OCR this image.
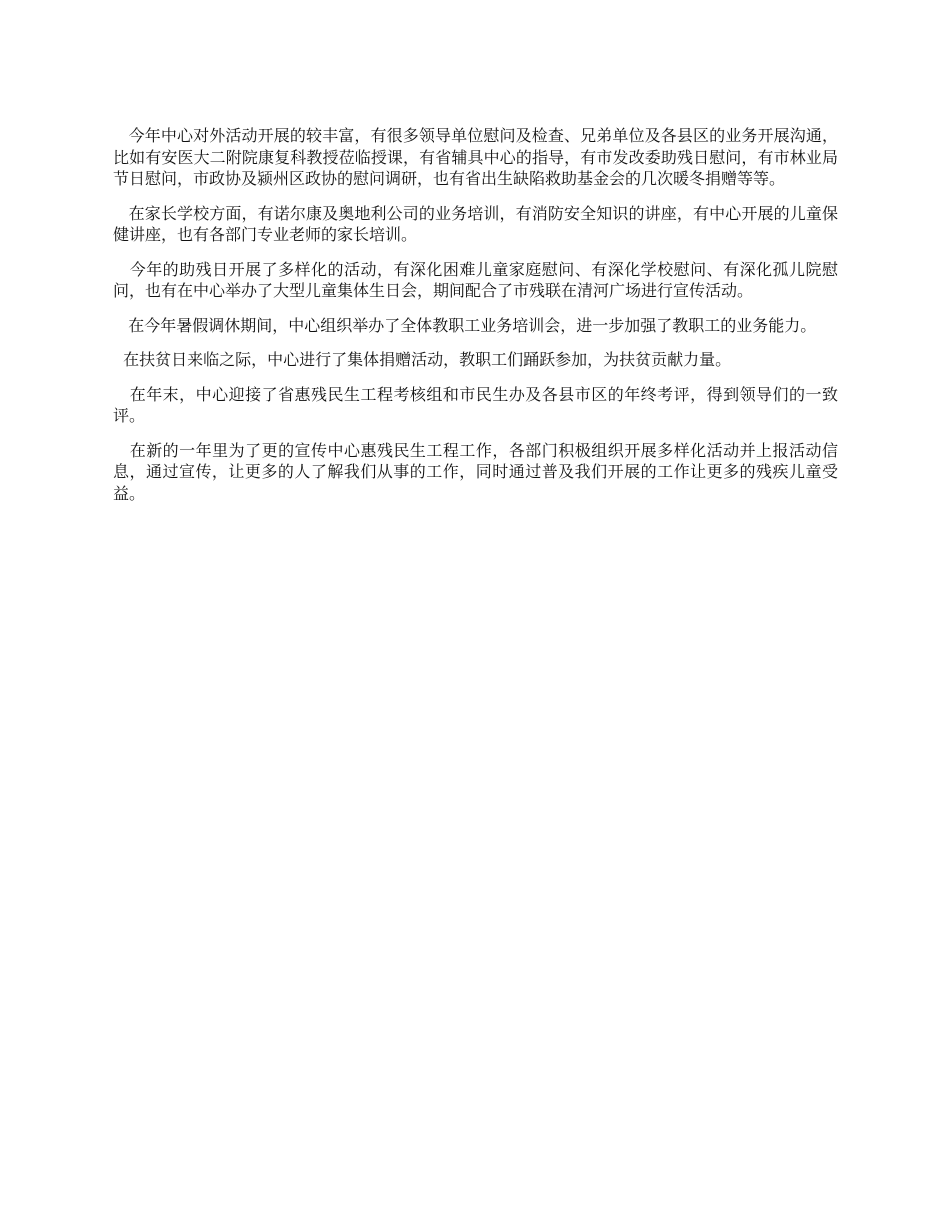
今年中心对外活动开展的较丰富，有很多领导单位慰问及检查、兄弟单位及各县区的业务开展沟通，比如有安医大二附院康复科教授莅临授课，有省辅具中心的指导，有市发改委助残日慰问，有市林业局节日慰问，市政协及颍州区政协的慰问调研，也有省出生缺陷救助基金会的几次暖冬捐赠等等。

在家长学校方面，有诺尔康及奥地利公司的业务培训，有消防安全知识的讲座，有中心开展的儿童保健讲座，也有各部门专业老师的家长培训。

今年的助残日开展了多样化的活动，有深化困难儿童家庭慰问、有深化学校慰问、有深化孤儿院慰问，也有在中心举办了大型儿童集体生日会，期间配合了市残联在清河广场进行宣传活动。

在今年暑假调休期间，中心组织举办了全体教职工业务培训会，进一步加强了教职工的业务能力。

在扶贫日来临之际，中心进行了集体捐赠活动，教职工们踊跃参加，为扶贫贡献力量。

在年末，中心迎接了省惠残民生工程考核组和市民生办及各县市区的年终考评，得到领导们的一致评。

在新的一年里为了更的宣传中心惠残民生工程工作，各部门积极组织开展多样化活动并上报活动信息，通过宣传，让更多的人了解我们从事的工作，同时通过普及我们开展的工作让更多的残疾儿童受益。
